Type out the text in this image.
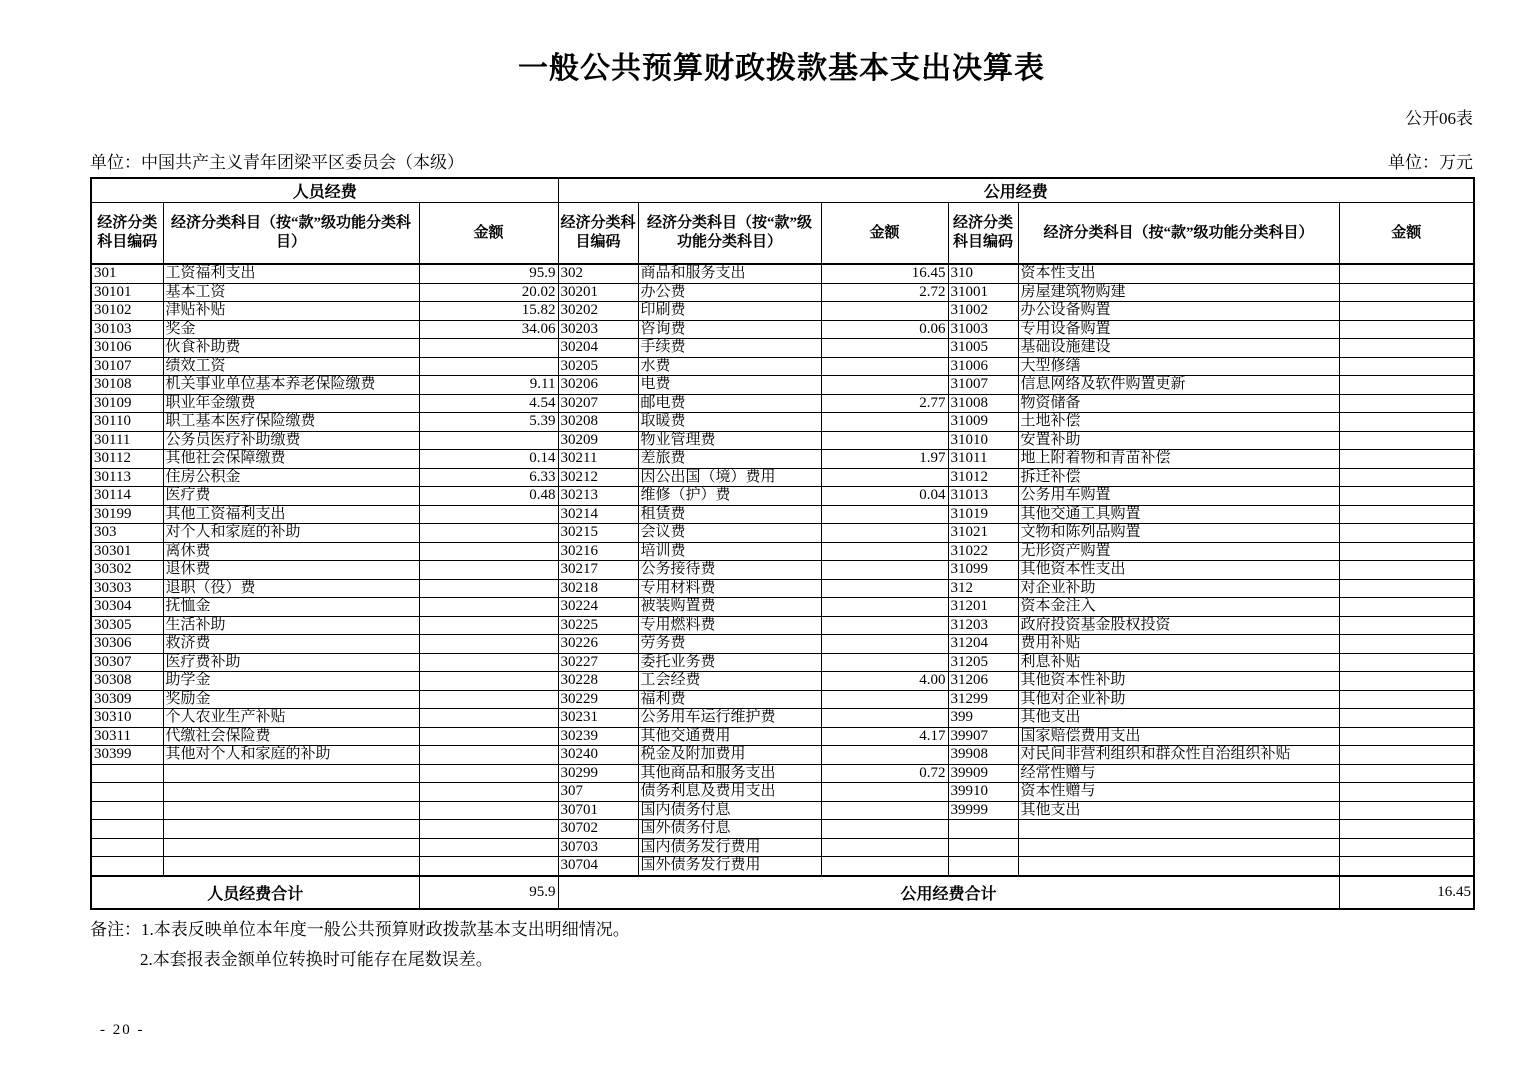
一般公共预算财政拨款基本支出决算表
公开06表
单位：中国共产主义青年团梁平区委员会（本级）	单位：万元
人员经费			公用经费					
经济分类科目编码	经济分类科目（按“款”级功能分类科目）	金额	经济分类科目编码	经济分类科目（按“款”级功能分类科目）	金额	经济分类科目编码	经济分类科目（按“款”级功能分类科目）	金额
301	工资福利支出	95.9	302	商品和服务支出	16.45	310	资本性支出	
30101	基本工资	20.02	30201	办公费	2.72	31001	房屋建筑物购建	
30102	津贴补贴	15.82	30202	印刷费		31002	办公设备购置	
30103	奖金	34.06	30203	咨询费	0.06	31003	专用设备购置	
30106	伙食补助费		30204	手续费		31005	基础设施建设	
30107	绩效工资		30205	水费		31006	大型修缮	
30108	机关事业单位基本养老保险缴费	9.11	30206	电费		31007	信息网络及软件购置更新	
30109	职业年金缴费	4.54	30207	邮电费	2.77	31008	物资储备	
30110	职工基本医疗保险缴费	5.39	30208	取暖费		31009	土地补偿	
30111	公务员医疗补助缴费		30209	物业管理费		31010	安置补助	
30112	其他社会保障缴费	0.14	30211	差旅费	1.97	31011	地上附着物和青苗补偿	
30113	住房公积金	6.33	30212	因公出国（境）费用		31012	拆迁补偿	
30114	医疗费	0.48	30213	维修（护）费	0.04	31013	公务用车购置	
30199	其他工资福利支出		30214	租赁费		31019	其他交通工具购置	
303	对个人和家庭的补助		30215	会议费		31021	文物和陈列品购置	
30301	离休费		30216	培训费		31022	无形资产购置	
30302	退休费		30217	公务接待费		31099	其他资本性支出	
30303	退职（役）费		30218	专用材料费		312	对企业补助	
30304	抚恤金		30224	被装购置费		31201	资本金注入	
30305	生活补助		30225	专用燃料费		31203	政府投资基金股权投资	
30306	救济费		30226	劳务费		31204	费用补贴	
30307	医疗费补助		30227	委托业务费		31205	利息补贴	
30308	助学金		30228	工会经费	4.00	31206	其他资本性补助	
30309	奖励金		30229	福利费		31299	其他对企业补助	
30310	个人农业生产补贴		30231	公务用车运行维护费		399	其他支出	
30311	代缴社会保险费		30239	其他交通费用	4.17	39907	国家赔偿费用支出	
30399	其他对个人和家庭的补助		30240	税金及附加费用		39908	对民间非营利组织和群众性自治组织补贴	
			30299	其他商品和服务支出	0.72	39909	经常性赠与	
			307	债务利息及费用支出		39910	资本性赠与	
			30701	国内债务付息		39999	其他支出	
			30702	国外债务付息				
			30703	国内债务发行费用				
			30704	国外债务发行费用				
人员经费合计		95.9	公用经费合计					16.45
备注：1.本表反映单位本年度一般公共预算财政拨款基本支出明细情况。
2.本套报表金额单位转换时可能存在尾数误差。
- 20 -
